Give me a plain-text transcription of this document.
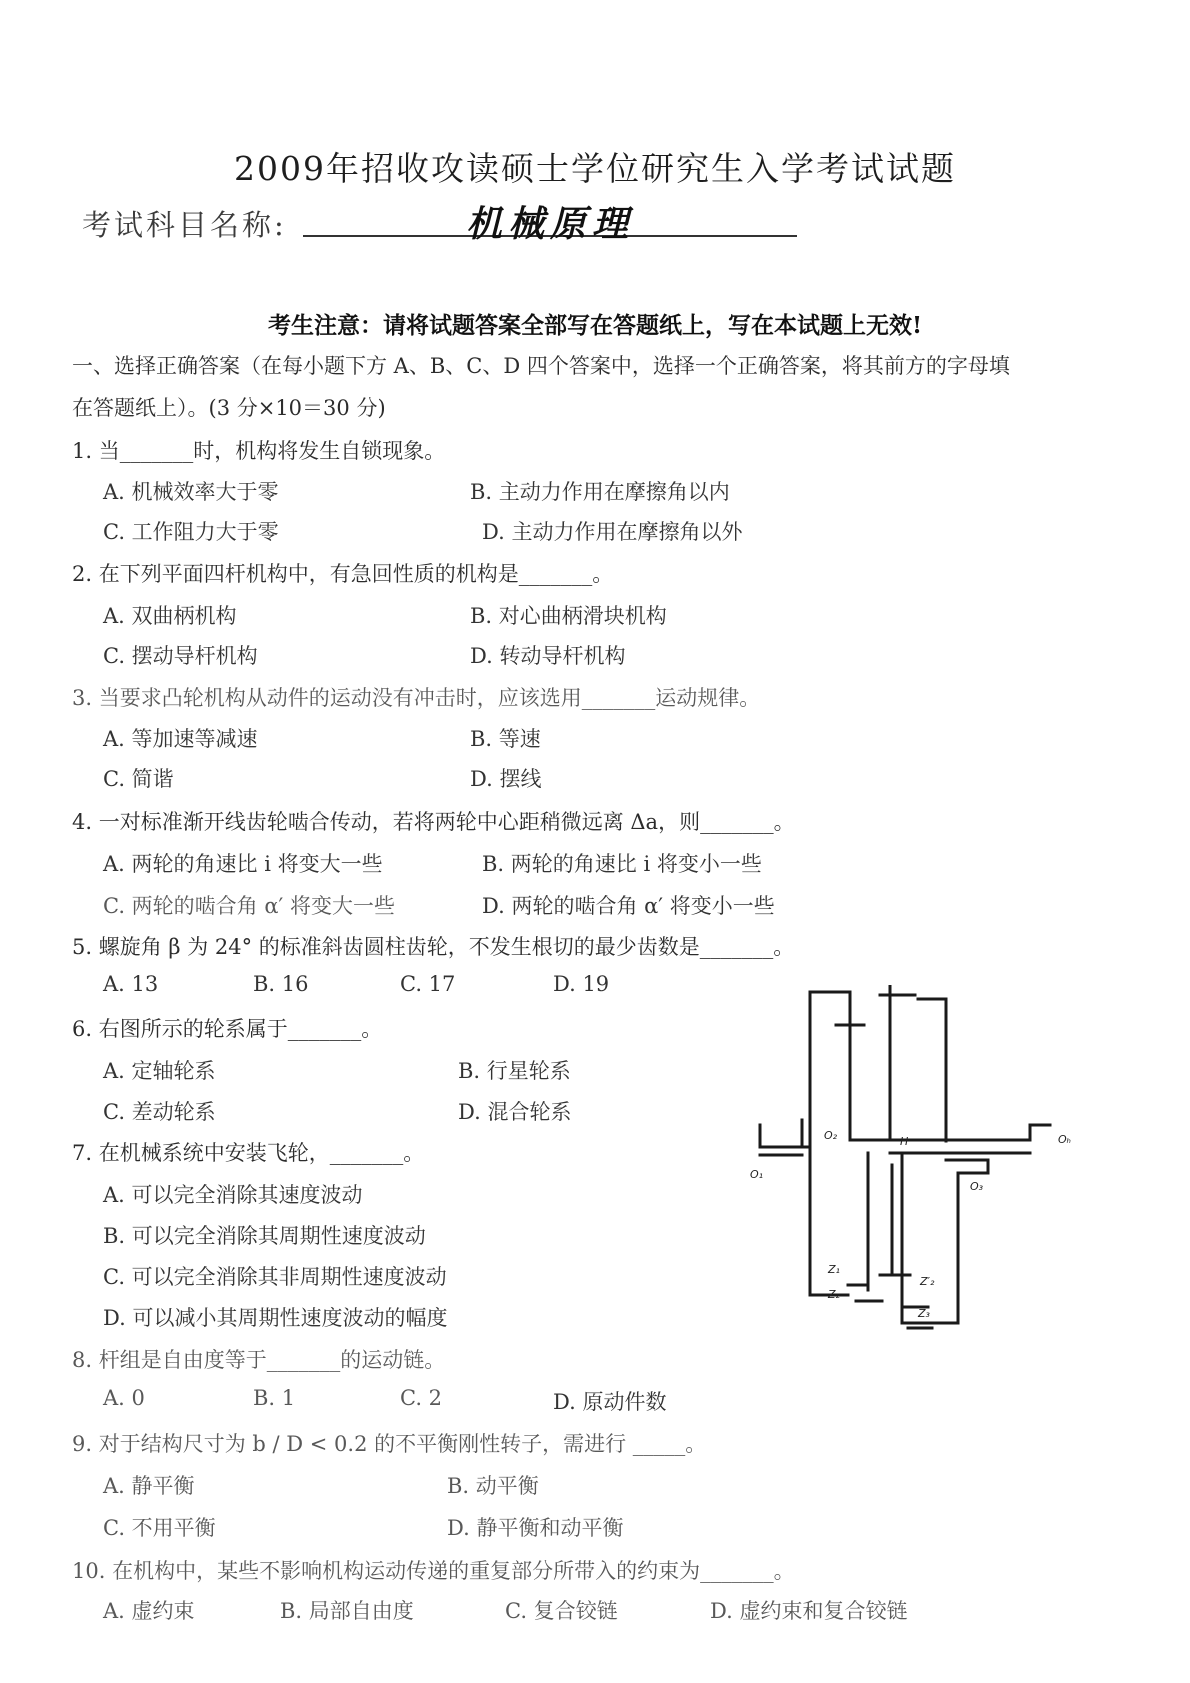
2009年招收攻读硕士学位研究生入学考试试题
考试科目名称:	机械原理
考生注意：请将试题答案全部写在答题纸上，写在本试题上无效!
一、选择正确答案（在每小题下方 A、B、C、D 四个答案中，选择一个正确答案，将其前方的字母填
在答题纸上）。(3 分×10＝30 分)
1. 当_______时，机构将发生自锁现象。
A. 机械效率大于零	B. 主动力作用在摩擦角以内
C. 工作阻力大于零	D. 主动力作用在摩擦角以外
2. 在下列平面四杆机构中，有急回性质的机构是_______。
A. 双曲柄机构	B. 对心曲柄滑块机构
C. 摆动导杆机构	D. 转动导杆机构
3. 当要求凸轮机构从动件的运动没有冲击时，应该选用_______运动规律。
A. 等加速等减速	B. 等速
C. 简谐	D. 摆线
4. 一对标准渐开线齿轮啮合传动，若将两轮中心距稍微远离 Δa，则_______。
A. 两轮的角速比 i 将变大一些	B. 两轮的角速比 i 将变小一些
C. 两轮的啮合角 α′ 将变大一些	D. 两轮的啮合角 α′ 将变小一些
5. 螺旋角 β 为 24° 的标准斜齿圆柱齿轮，不发生根切的最少齿数是_______。
A. 13	B. 16	C. 17	D. 19
6. 右图所示的轮系属于_______。
A. 定轴轮系	B. 行星轮系
C. 差动轮系	D. 混合轮系
7. 在机械系统中安装飞轮，_______。
A. 可以完全消除其速度波动
B. 可以完全消除其周期性速度波动
C. 可以完全消除其非周期性速度波动
D. 可以减小其周期性速度波动的幅度
8. 杆组是自由度等于_______的运动链。
A. 0	B. 1	C. 2	D. 原动件数
9. 对于结构尺寸为 b / D < 0.2 的不平衡刚性转子，需进行 _____。
A. 静平衡	B. 动平衡
C. 不用平衡	D. 静平衡和动平衡
10. 在机构中，某些不影响机构运动传递的重复部分所带入的约束为_______。
A. 虚约束	B. 局部自由度	C. 复合铰链	D. 虚约束和复合铰链
O₁
O₂
O₃
Oₕ
H
Z₁
Z₂
Z′₂
Z₃
